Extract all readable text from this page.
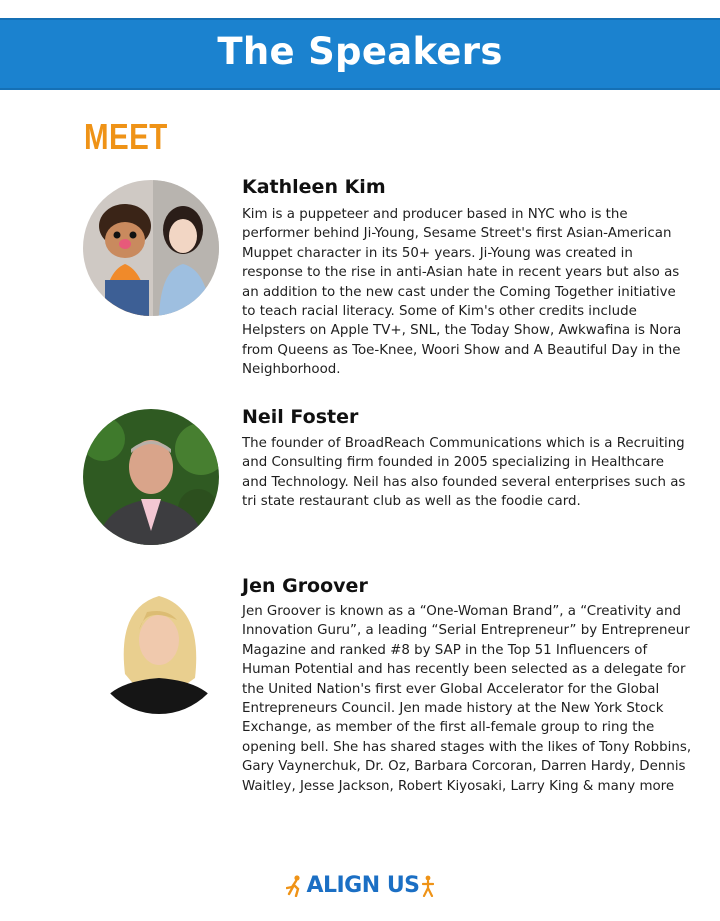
The Speakers
MEET
Kathleen Kim
Kim is a puppeteer and producer based in NYC who is the performer behind Ji-Young, Sesame Street's first Asian-American Muppet character in its 50+ years. Ji-Young was created in response to the rise in anti-Asian hate in recent years but also as an addition to the new cast under the Coming Together initiative to teach racial literacy. Some of Kim's other credits include Helpsters on Apple TV+, SNL, the Today Show, Awkwafina is Nora from Queens as Toe-Knee, Woori Show and A Beautiful Day in the Neighborhood.
Neil Foster
The founder of BroadReach Communications which is a Recruiting and Consulting firm founded in 2005 specializing in Healthcare and Technology. Neil has also founded several enterprises such as tri state restaurant club as well as the foodie card.
Jen Groover
Jen Groover is known as a “One-Woman Brand”, a “Creativity and Innovation Guru”, a leading “Serial Entrepreneur” by Entrepreneur Magazine and ranked #8 by SAP in the Top 51 Influencers of Human Potential and has recently been selected as a delegate for the United Nation's first ever Global Accelerator for the Global Entrepreneurs Council. Jen made history at the New York Stock Exchange, as member of the first all-female group to ring the opening bell. She has shared stages with the likes of Tony Robbins, Gary Vaynerchuk, Dr. Oz, Barbara Corcoran, Darren Hardy, Dennis Waitley, Jesse Jackson, Robert Kiyosaki, Larry King & many more
ALIGN US
